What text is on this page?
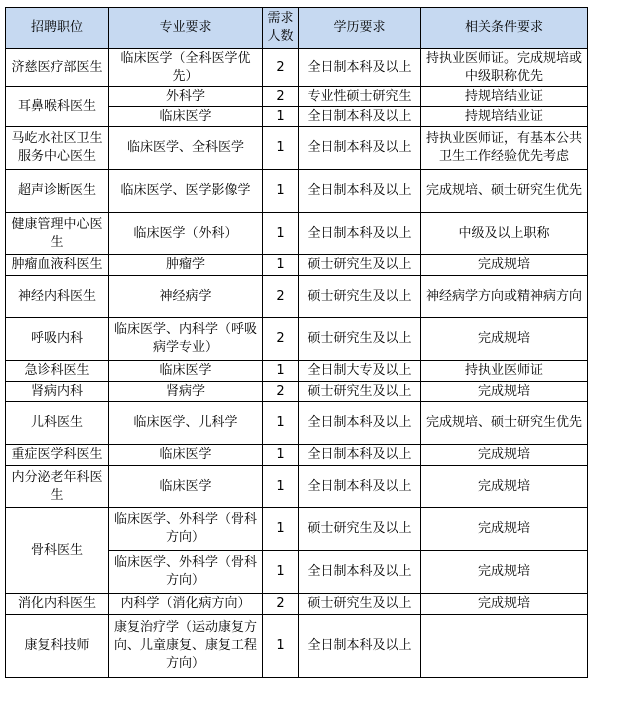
招聘职位	专业要求	需求人数	学历要求	相关条件要求
济慈医疗部医生	临床医学（全科医学优先）	2	全日制本科及以上	持执业医师证。完成规培或中级职称优先
耳鼻喉科医生	外科学	2	专业性硕士研究生	持规培结业证
	临床医学	1	全日制本科及以上	持规培结业证
马屹水社区卫生服务中心医生	临床医学、全科医学	1	全日制本科及以上	持执业医师证，有基本公共卫生工作经验优先考虑
超声诊断医生	临床医学、医学影像学	1	全日制本科及以上	完成规培、硕士研究生优先
健康管理中心医生	临床医学（外科）	1	全日制本科及以上	中级及以上职称
肿瘤血液科医生	肿瘤学	1	硕士研究生及以上	完成规培
神经内科医生	神经病学	2	硕士研究生及以上	神经病学方向或精神病方向
呼吸内科	临床医学、内科学（呼吸病学专业）	2	硕士研究生及以上	完成规培
急诊科医生	临床医学	1	全日制大专及以上	持执业医师证
肾病内科	肾病学	2	硕士研究生及以上	完成规培
儿科医生	临床医学、儿科学	1	全日制本科及以上	完成规培、硕士研究生优先
重症医学科医生	临床医学	1	全日制本科及以上	完成规培
内分泌老年科医生	临床医学	1	全日制本科及以上	完成规培
骨科医生	临床医学、外科学（骨科方向）	1	硕士研究生及以上	完成规培
	临床医学、外科学（骨科方向）	1	全日制本科及以上	完成规培
消化内科医生	内科学（消化病方向）	2	硕士研究生及以上	完成规培
康复科技师	康复治疗学（运动康复方向、儿童康复、康复工程方向）	1	全日制本科及以上	
